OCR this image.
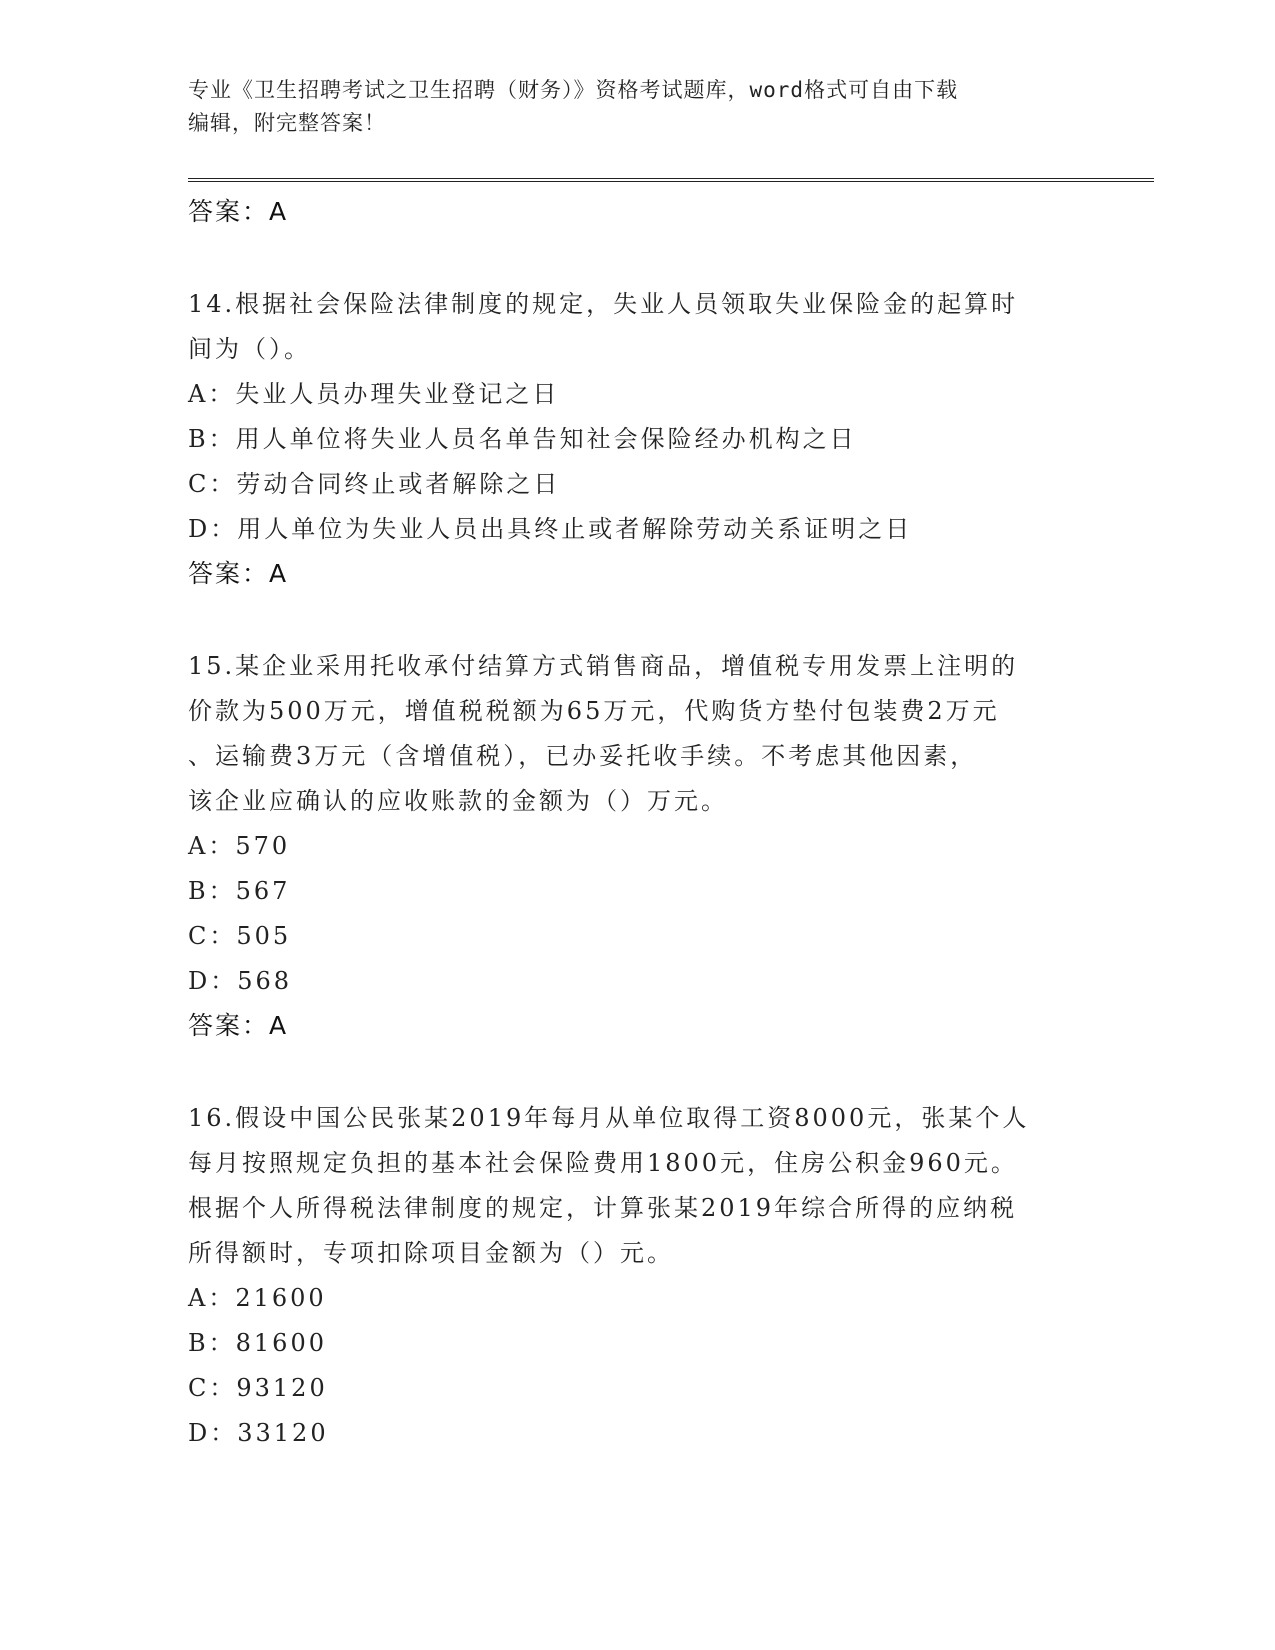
专业《卫生招聘考试之卫生招聘（财务）》资格考试题库，word格式可自由下载
编辑，附完整答案！
答案：A
14.根据社会保险法律制度的规定，失业人员领取失业保险金的起算时
间为（）。
A：失业人员办理失业登记之日
B：用人单位将失业人员名单告知社会保险经办机构之日
C：劳动合同终止或者解除之日
D：用人单位为失业人员出具终止或者解除劳动关系证明之日
答案：A
15.某企业采用托收承付结算方式销售商品，增值税专用发票上注明的
价款为500万元，增值税税额为65万元，代购货方垫付包装费2万元
、运输费3万元（含增值税），已办妥托收手续。不考虑其他因素，
该企业应确认的应收账款的金额为（）万元。
A：570
B：567
C：505
D：568
答案：A
16.假设中国公民张某2019年每月从单位取得工资8000元，张某个人
每月按照规定负担的基本社会保险费用1800元，住房公积金960元。
根据个人所得税法律制度的规定，计算张某2019年综合所得的应纳税
所得额时，专项扣除项目金额为（）元。
A：21600
B：81600
C：93120
D：33120
